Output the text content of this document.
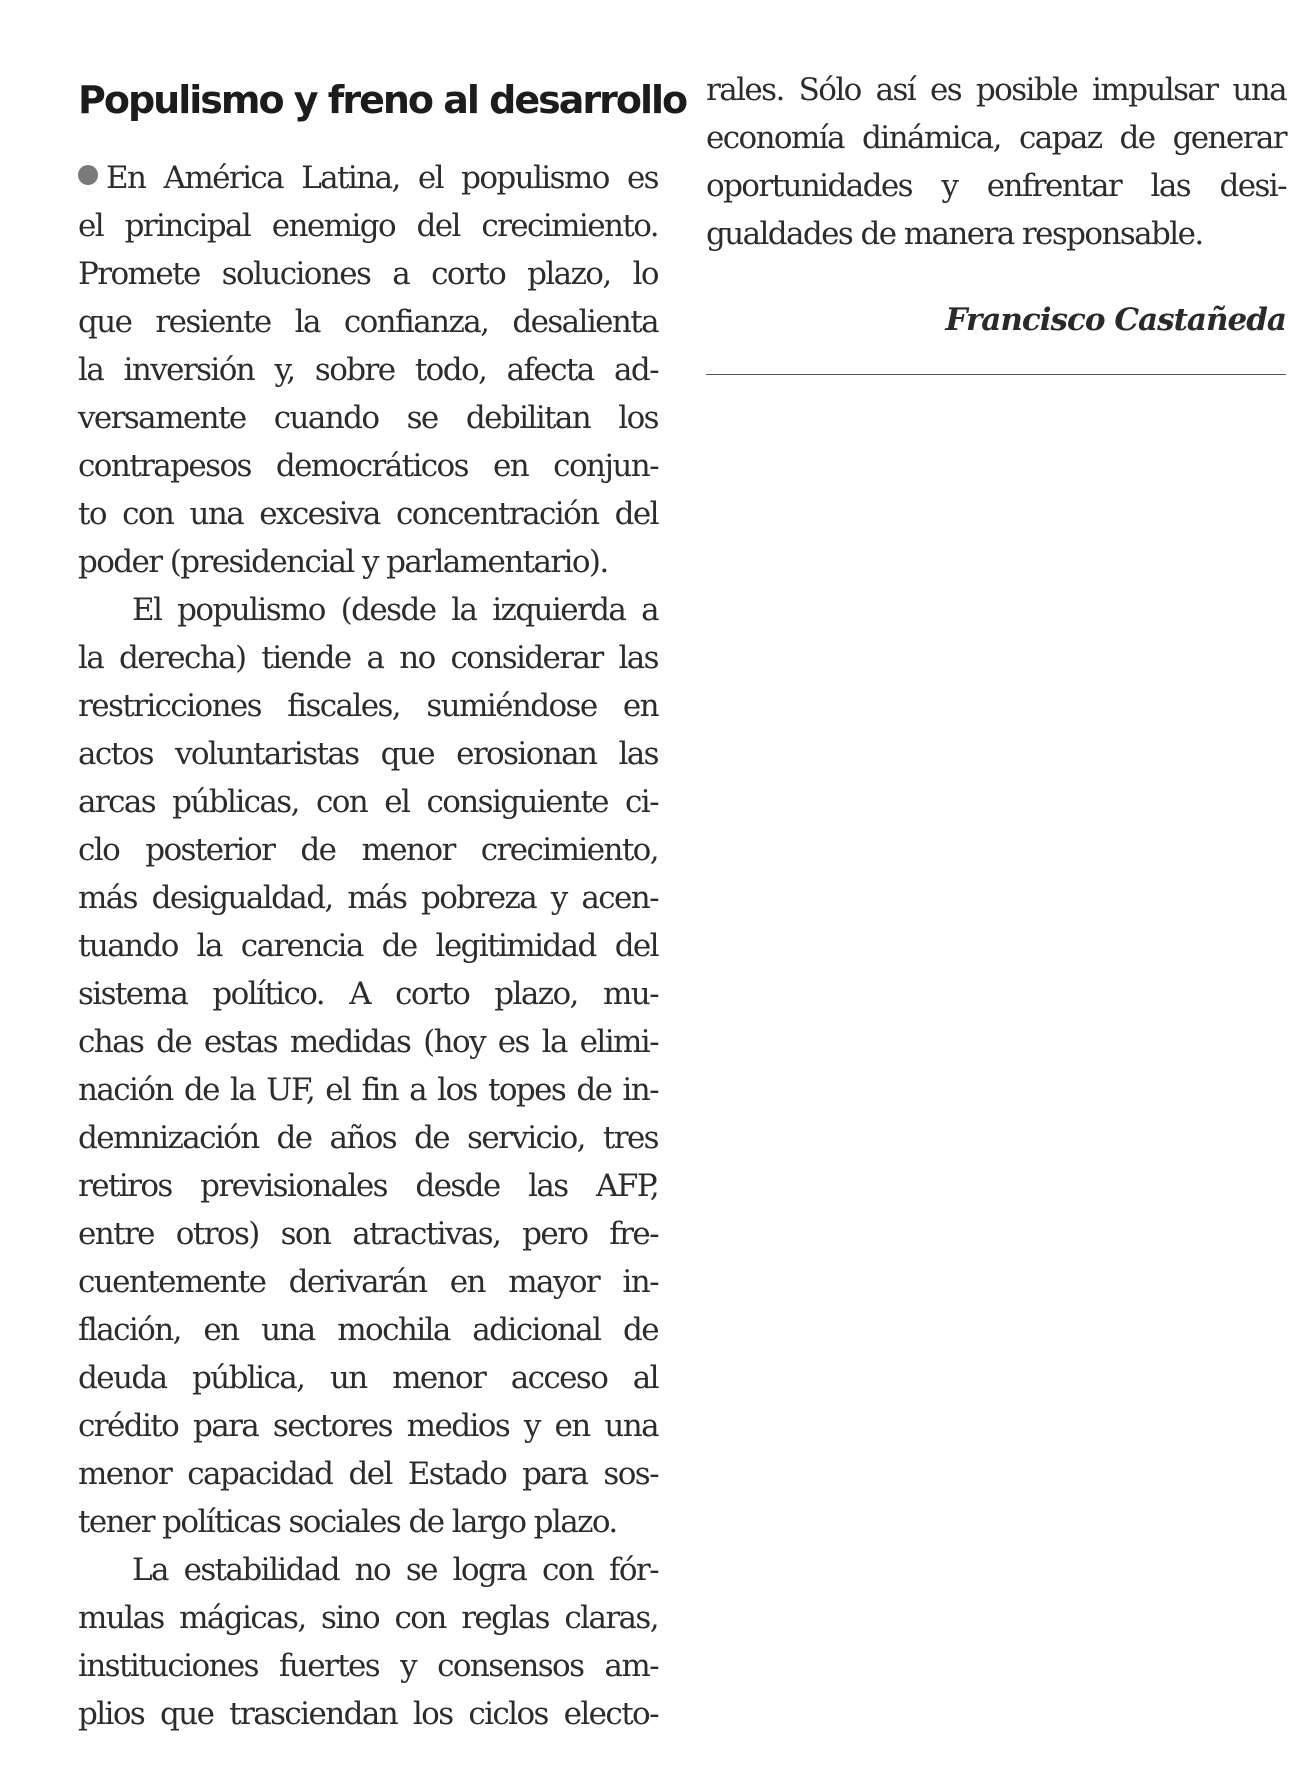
Populismo y freno al desarrollo

En América Latina, el populismo es
el principal enemigo del crecimiento.
Promete soluciones a corto plazo, lo
que resiente la confianza, desalienta
la inversión y, sobre todo, afecta ad-
versamente cuando se debilitan los
contrapesos democráticos en conjun-
to con una excesiva concentración del
poder (presidencial y parlamentario).

El populismo (desde la izquierda a
la derecha) tiende a no considerar las
restricciones fiscales, sumiéndose en
actos voluntaristas que erosionan las
arcas públicas, con el consiguiente ci-
clo posterior de menor crecimiento,
más desigualdad, más pobreza y acen-
tuando la carencia de legitimidad del
sistema político. A corto plazo, mu-
chas de estas medidas (hoy es la elimi-
nación de la UF, el fin a los topes de in-
demnización de años de servicio, tres
retiros previsionales desde las AFP,
entre otros) son atractivas, pero fre-
cuentemente derivarán en mayor in-
flación, en una mochila adicional de
deuda pública, un menor acceso al
crédito para sectores medios y en una
menor capacidad del Estado para sos-
tener políticas sociales de largo plazo.

La estabilidad no se logra con fór-
mulas mágicas, sino con reglas claras,
instituciones fuertes y consensos am-
plios que trasciendan los ciclos electo-

rales. Sólo así es posible impulsar una
economía dinámica, capaz de generar
oportunidades y enfrentar las desi-
gualdades de manera responsable.

Francisco Castañeda
